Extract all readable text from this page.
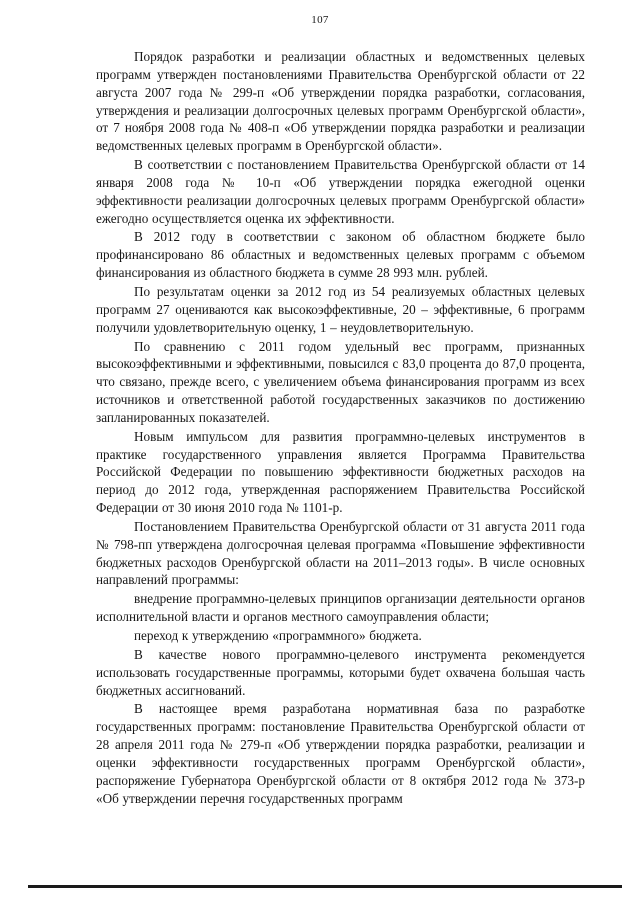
107

Порядок разработки и реализации областных и ведомственных целевых программ утвержден постановлениями Правительства Оренбургской области от 22 августа 2007 года № 299-п «Об утверждении порядка разработки, согласования, утверждения и реализации долгосрочных целевых программ Оренбургской области», от 7 ноября 2008 года № 408-п «Об утверждении порядка разработки и реализации ведомственных целевых программ в Оренбургской области».

В соответствии с постановлением Правительства Оренбургской области от 14 января 2008 года № 10-п «Об утверждении порядка ежегодной оценки эффективности реализации долгосрочных целевых программ Оренбургской области» ежегодно осуществляется оценка их эффективности.

В 2012 году в соответствии с законом об областном бюджете было профинансировано 86 областных и ведомственных целевых программ с объемом финансирования из областного бюджета в сумме 28 993 млн. рублей.

По результатам оценки за 2012 год из 54 реализуемых областных целевых программ 27 оцениваются как высокоэффективные, 20 – эффективные, 6 программ получили удовлетворительную оценку, 1 – неудовлетворительную.

По сравнению с 2011 годом удельный вес программ, признанных высокоэффективными и эффективными, повысился с 83,0 процента до 87,0 процента, что связано, прежде всего, с увеличением объема финансирования программ из всех источников и ответственной работой государственных заказчиков по достижению запланированных показателей.

Новым импульсом для развития программно-целевых инструментов в практике государственного управления является Программа Правительства Российской Федерации по повышению эффективности бюджетных расходов на период до 2012 года, утвержденная распоряжением Правительства Российской Федерации от 30 июня 2010 года № 1101-р.

Постановлением Правительства Оренбургской области от 31 августа 2011 года № 798-пп утверждена долгосрочная целевая программа «Повышение эффективности бюджетных расходов Оренбургской области на 2011–2013 годы». В числе основных направлений программы:

внедрение программно-целевых принципов организации деятельности органов исполнительной власти и органов местного самоуправления области;

переход к утверждению «программного» бюджета.

В качестве нового программно-целевого инструмента рекомендуется использовать государственные программы, которыми будет охвачена большая часть бюджетных ассигнований.

В настоящее время разработана нормативная база по разработке государственных программ: постановление Правительства Оренбургской области от 28 апреля 2011 года № 279-п «Об утверждении порядка разработки, реализации и оценки эффективности государственных программ Оренбургской области», распоряжение Губернатора Оренбургской области от 8 октября 2012 года № 373-р «Об утверждении перечня государственных программ
